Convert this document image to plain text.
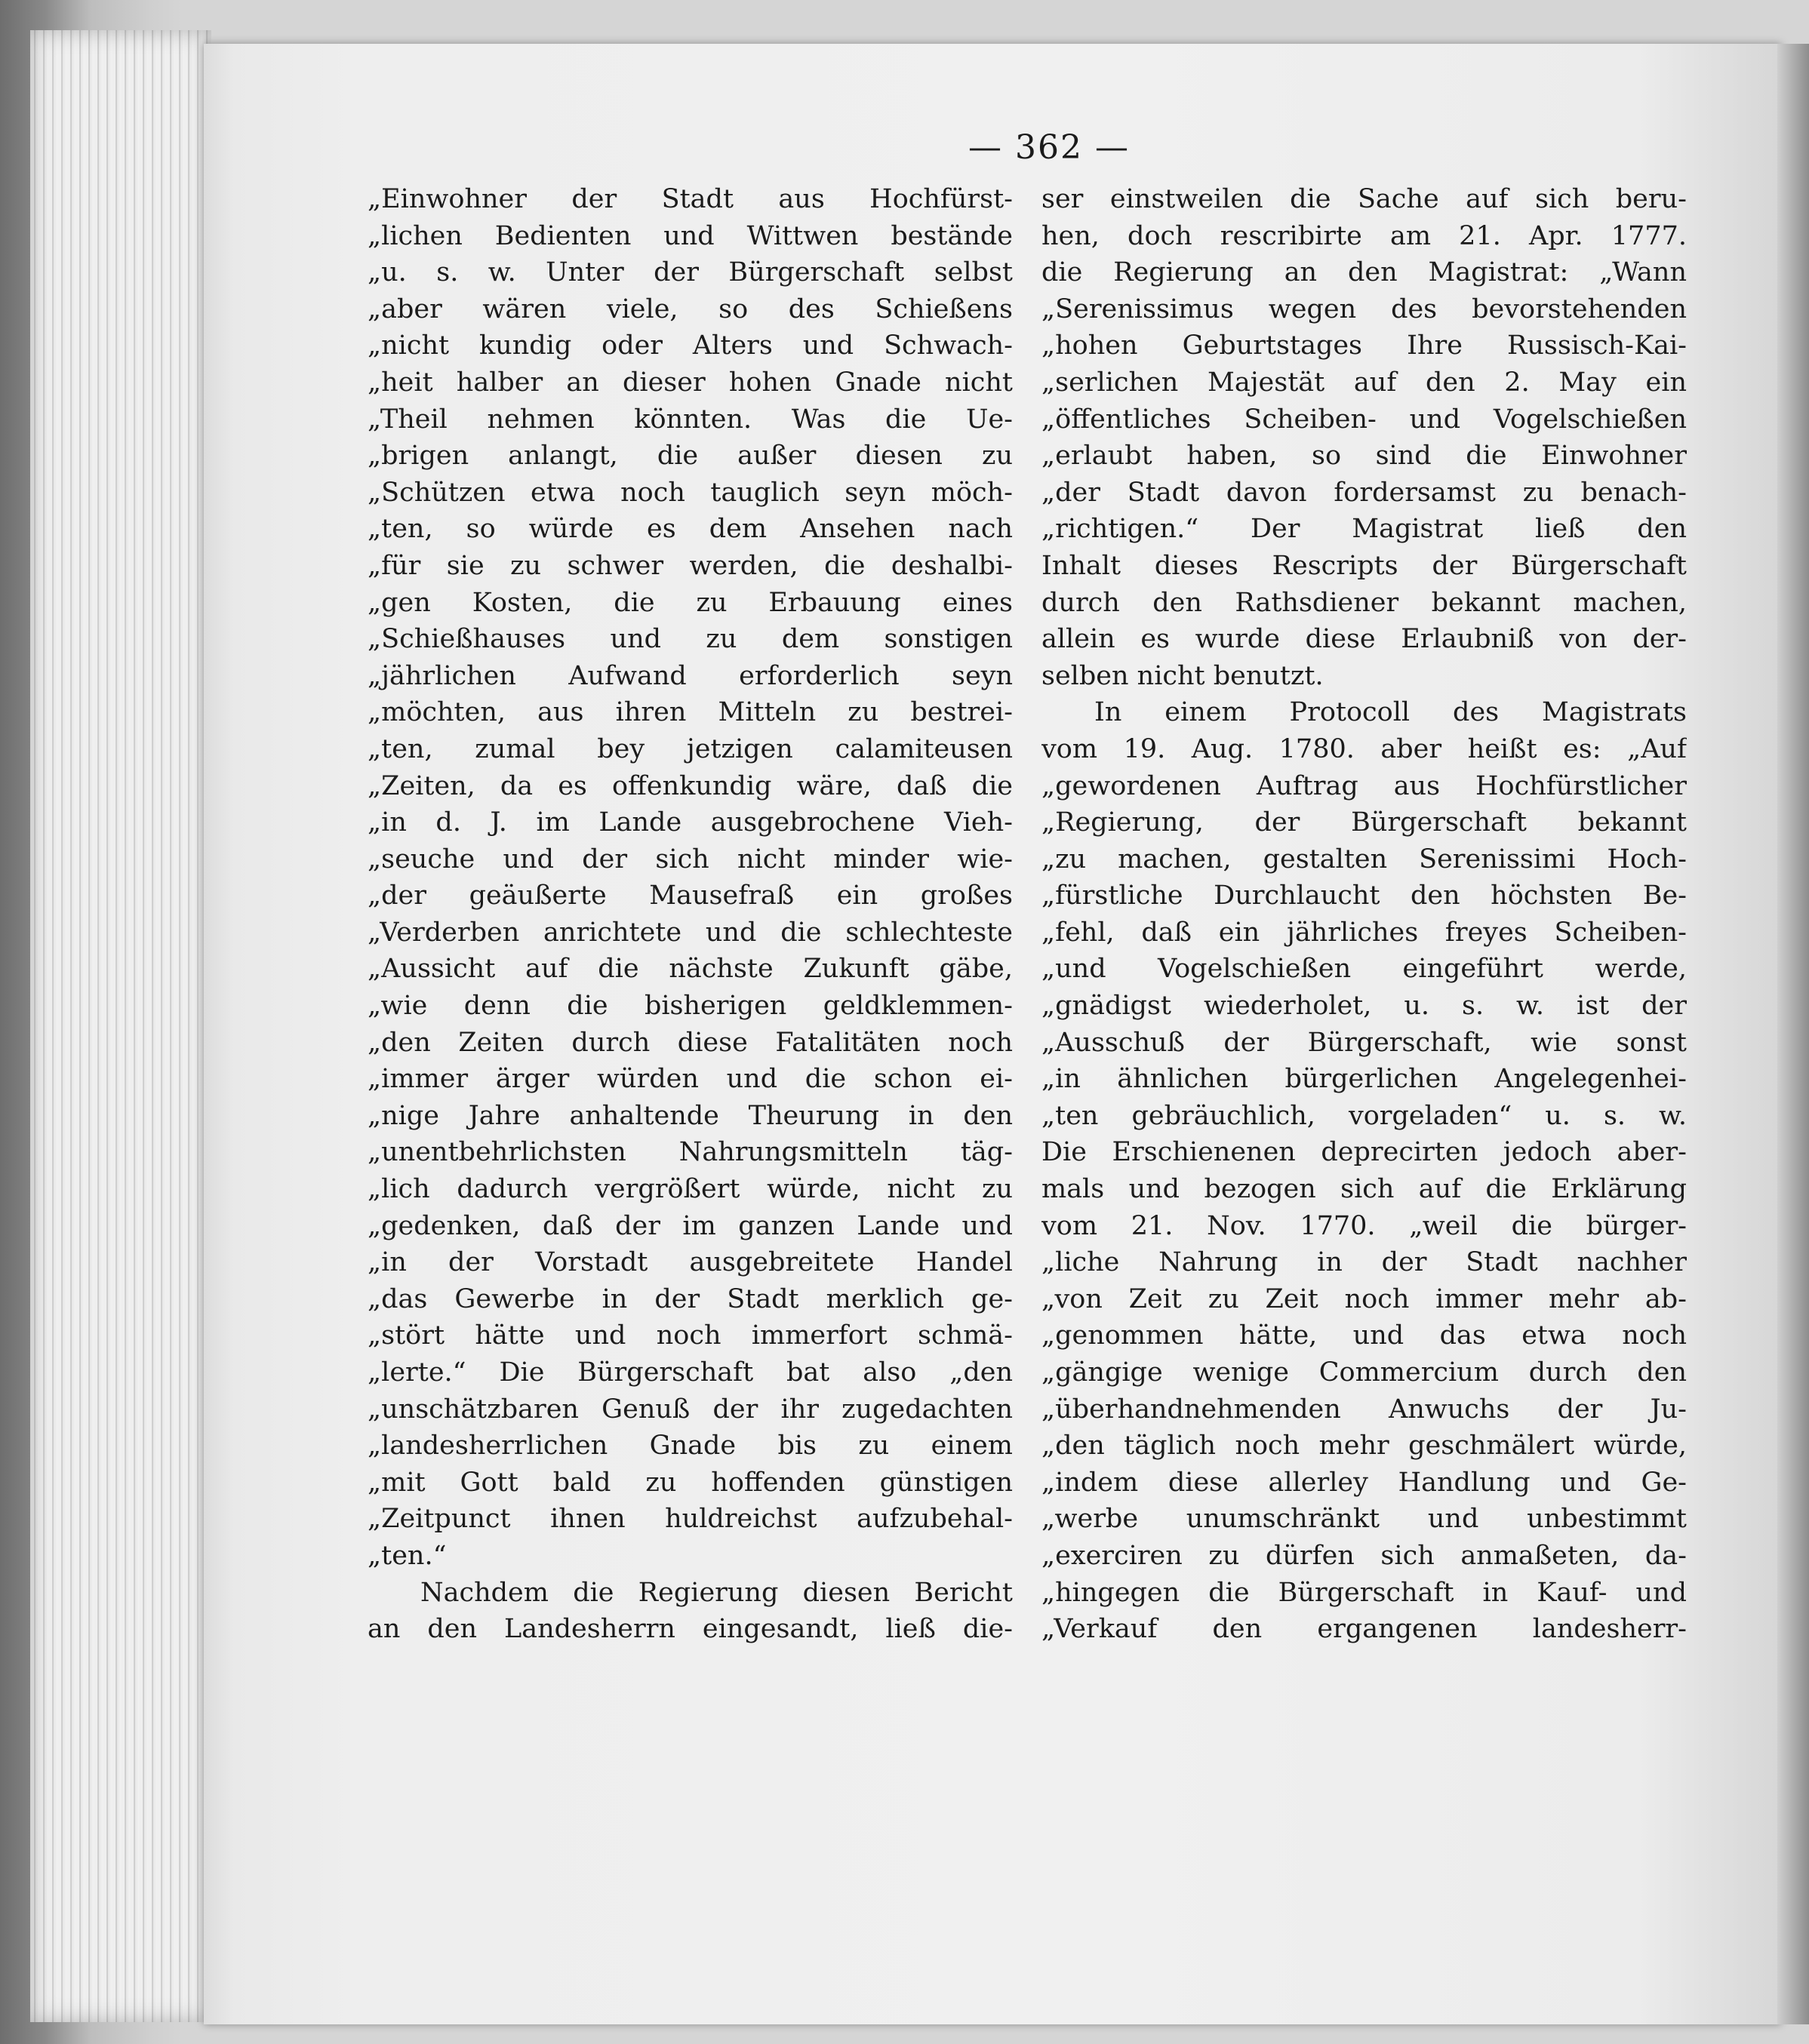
— 362 —
„Einwohner der Stadt aus Hochfürst-
„lichen Bedienten und Wittwen bestände
„u. s. w. Unter der Bürgerschaft selbst
„aber wären viele, so des Schießens
„nicht kundig oder Alters und Schwach-
„heit halber an dieser hohen Gnade nicht
„Theil nehmen könnten. Was die Ue-
„brigen anlangt, die außer diesen zu
„Schützen etwa noch tauglich seyn möch-
„ten, so würde es dem Ansehen nach
„für sie zu schwer werden, die deshalbi-
„gen Kosten, die zu Erbauung eines
„Schießhauses und zu dem sonstigen
„jährlichen Aufwand erforderlich seyn
„möchten, aus ihren Mitteln zu bestrei-
„ten, zumal bey jetzigen calamiteusen
„Zeiten, da es offenkundig wäre, daß die
„in d. J. im Lande ausgebrochene Vieh-
„seuche und der sich nicht minder wie-
„der geäußerte Mausefraß ein großes
„Verderben anrichtete und die schlechteste
„Aussicht auf die nächste Zukunft gäbe,
„wie denn die bisherigen geldklemmen-
„den Zeiten durch diese Fatalitäten noch
„immer ärger würden und die schon ei-
„nige Jahre anhaltende Theurung in den
„unentbehrlichsten Nahrungsmitteln täg-
„lich dadurch vergrößert würde, nicht zu
„gedenken, daß der im ganzen Lande und
„in der Vorstadt ausgebreitete Handel
„das Gewerbe in der Stadt merklich ge-
„stört hätte und noch immerfort schmä-
„lerte.“ Die Bürgerschaft bat also „den
„unschätzbaren Genuß der ihr zugedachten
„landesherrlichen Gnade bis zu einem
„mit Gott bald zu hoffenden günstigen
„Zeitpunct ihnen huldreichst aufzubehal-
„ten.“
Nachdem die Regierung diesen Bericht
an den Landesherrn eingesandt, ließ die-
ser einstweilen die Sache auf sich beru-
hen, doch rescribirte am 21. Apr. 1777.
die Regierung an den Magistrat: „Wann
„Serenissimus wegen des bevorstehenden
„hohen Geburtstages Ihre Russisch-Kai-
„serlichen Majestät auf den 2. May ein
„öffentliches Scheiben- und Vogelschießen
„erlaubt haben, so sind die Einwohner
„der Stadt davon fordersamst zu benach-
„richtigen.“ Der Magistrat ließ den
Inhalt dieses Rescripts der Bürgerschaft
durch den Rathsdiener bekannt machen,
allein es wurde diese Erlaubniß von der-
selben nicht benutzt.
In einem Protocoll des Magistrats
vom 19. Aug. 1780. aber heißt es: „Auf
„gewordenen Auftrag aus Hochfürstlicher
„Regierung, der Bürgerschaft bekannt
„zu machen, gestalten Serenissimi Hoch-
„fürstliche Durchlaucht den höchsten Be-
„fehl, daß ein jährliches freyes Scheiben-
„und Vogelschießen eingeführt werde,
„gnädigst wiederholet, u. s. w. ist der
„Ausschuß der Bürgerschaft, wie sonst
„in ähnlichen bürgerlichen Angelegenhei-
„ten gebräuchlich, vorgeladen“ u. s. w.
Die Erschienenen deprecirten jedoch aber-
mals und bezogen sich auf die Erklärung
vom 21. Nov. 1770. „weil die bürger-
„liche Nahrung in der Stadt nachher
„von Zeit zu Zeit noch immer mehr ab-
„genommen hätte, und das etwa noch
„gängige wenige Commercium durch den
„überhandnehmenden Anwuchs der Ju-
„den täglich noch mehr geschmälert würde,
„indem diese allerley Handlung und Ge-
„werbe unumschränkt und unbestimmt
„exerciren zu dürfen sich anmaßeten, da-
„hingegen die Bürgerschaft in Kauf- und
„Verkauf den ergangenen landesherr-
